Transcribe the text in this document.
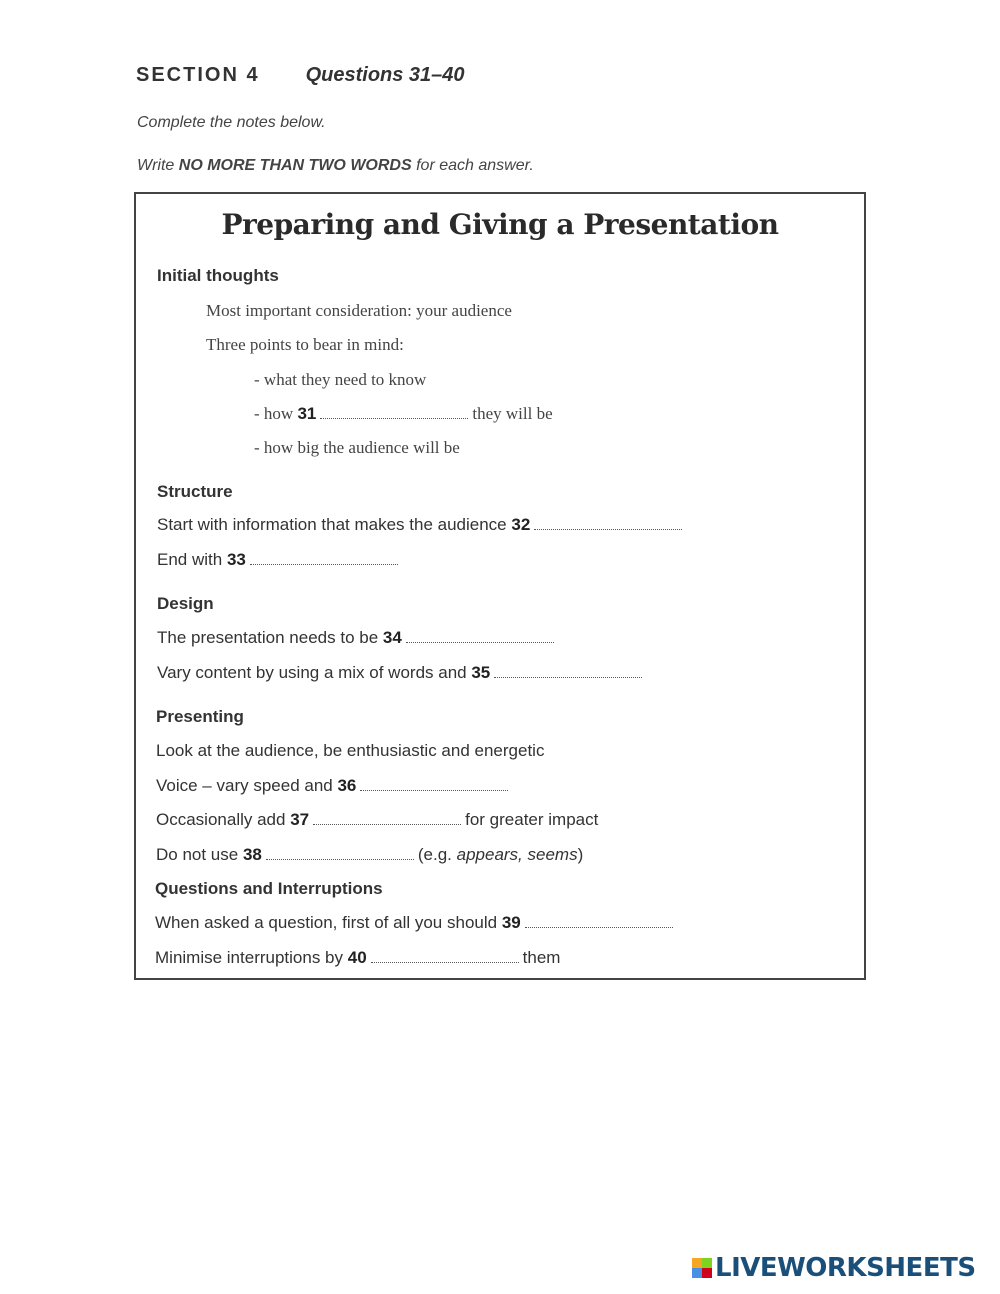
SECTION 4 Questions 31–40
Complete the notes below.
Write NO MORE THAN TWO WORDS for each answer.
Preparing and Giving a Presentation
Initial thoughts
Most important consideration: your audience
Three points to bear in mind:
- what they need to know
- how 31	they will be
- how big the audience will be
Structure
Start with information that makes the audience 32
End with 33
Design
The presentation needs to be 34
Vary content by using a mix of words and 35
Presenting
Look at the audience, be enthusiastic and energetic
Voice – vary speed and 36
Occasionally add 37	for greater impact
Do not use 38	(e.g. appears, seems)
Questions and Interruptions
When asked a question, first of all you should 39
Minimise interruptions by 40	them
LIVEWORKSHEETS
